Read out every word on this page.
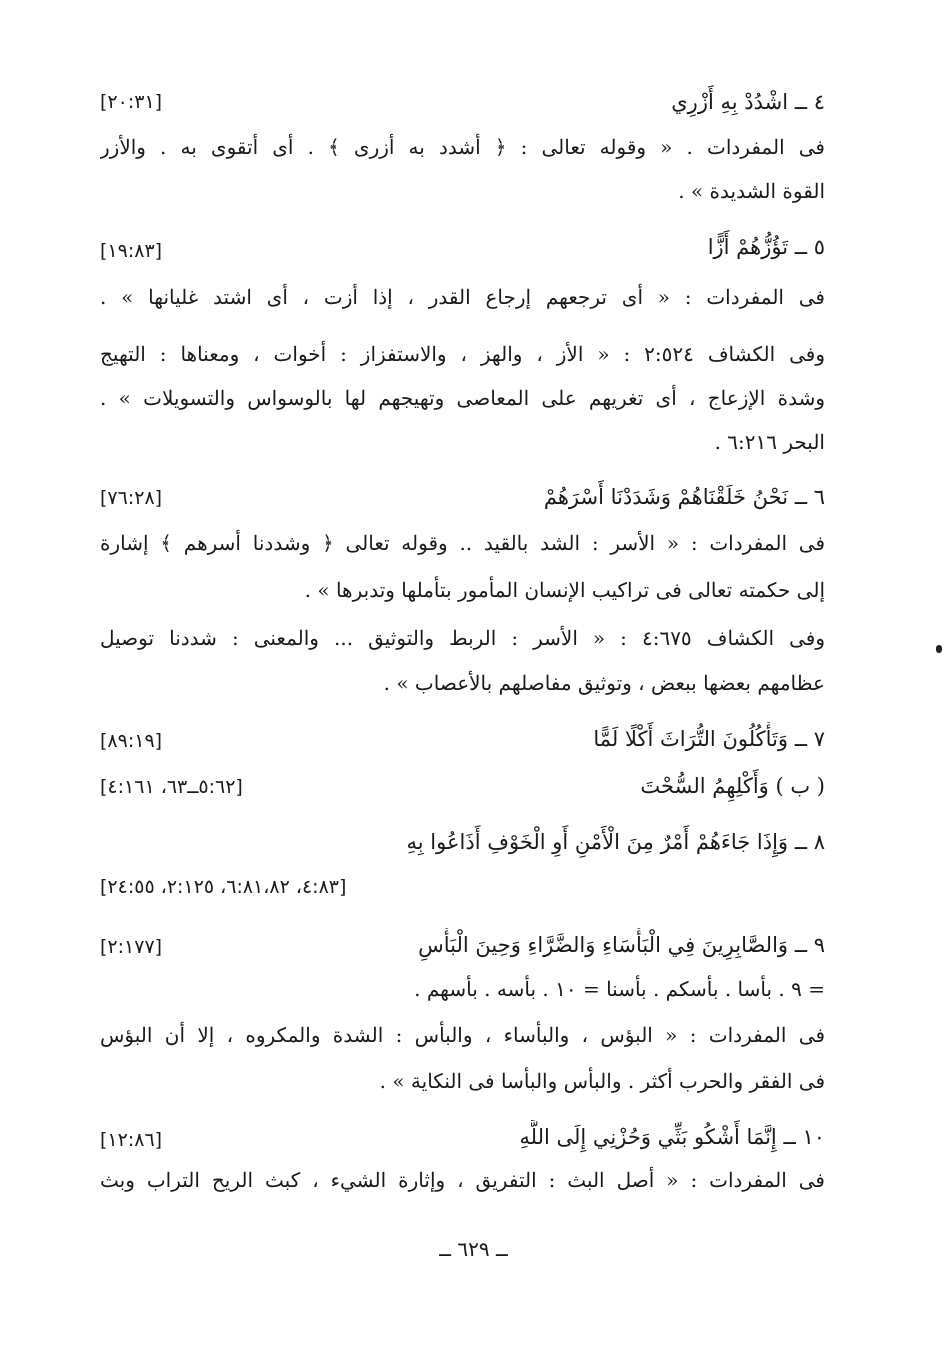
٤ ــ اشْدُدْ بِهِ أَزْرِي
[٢٠:٣١]
فى المفردات . « وقوله تعالى : ﴿ أشدد به أزرى ﴾ . أى أتقوى به . والأزر
القوة الشديدة » .
٥ ــ تَؤُزُّهُمْ أَزًّا
[١٩:٨٣]
فى المفردات : « أى ترجعهم إرجاع القدر ، إذا أزت ، أى اشتد غليانها » .
وفى الكشاف ٢:٥٢٤ : « الأز ، والهز ، والاستفزاز : أخوات ، ومعناها : التهيج
وشدة الإزعاج ، أى تغريهم على المعاصى وتهيجهم لها بالوسواس والتسويلات » .
البحر ٦:٢١٦ .
٦ ــ نَحْنُ خَلَقْنَاهُمْ وَشَدَدْنَا أَسْرَهُمْ
[٧٦:٢٨]
فى المفردات : « الأسر : الشد بالقيد .. وقوله تعالى ﴿ وشددنا أسرهم ﴾ إشارة
إلى حكمته تعالى فى تراكيب الإنسان المأمور بتأملها وتدبرها » .
وفى الكشاف ٤:٦٧٥ : « الأسر : الربط والتوثيق ... والمعنى : شددنا توصيل
عظامهم بعضها ببعض ، وتوثيق مفاصلهم بالأعصاب » .
٧ ــ وَتَأْكُلُونَ التُّرَاثَ أَكْلًا لَمًّا
[٨٩:١٩]
( ب ) وَأَكْلِهِمُ السُّحْتَ
[٥:٦٢ــ٦٣، ٤:١٦١]
٨ ــ وَإِذَا جَاءَهُمْ أَمْرٌ مِنَ الْأَمْنِ أَوِ الْخَوْفِ أَذَاعُوا بِهِ
[٤:٨٣، ٦:٨١،٨٢، ٢:١٢٥، ٢٤:٥٥]
٩ ــ وَالصَّابِرِينَ فِي الْبَأْسَاءِ وَالضَّرَّاءِ وَحِينَ الْبَأْسِ
[٢:١٧٧]
= ٩ . بأسا . بأسكم . بأسنا = ١٠ . بأسه . بأسهم .
فى المفردات : « البؤس ، والبأساء ، والبأس : الشدة والمكروه ، إلا أن البؤس
فى الفقر والحرب أكثر . والبأس والبأسا فى النكاية » .
١٠ ــ إِنَّمَا أَشْكُو بَثِّي وَحُزْنِي إِلَى اللَّهِ
[١٢:٨٦]
فى المفردات : « أصل البث : التفريق ، وإثارة الشيء ، كبث الريح التراب وبث
ــ ٦٢٩ ــ
